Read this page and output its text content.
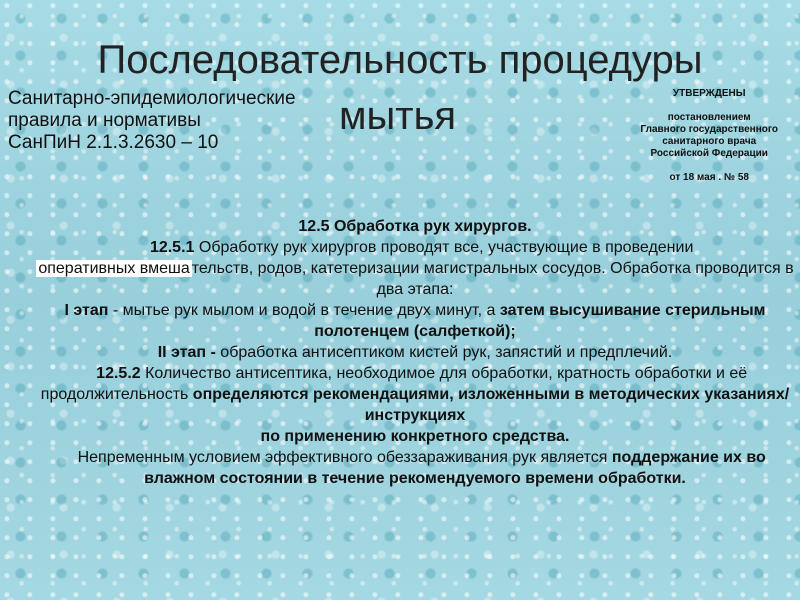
Последовательность процедуры
мытья
Санитарно-эпидемиологические
правила и нормативы
СанПиН 2.1.3.2630 – 10
УТВЕРЖДЕНЫ
постановлением
Главного государственного
санитарного врача
Российской Федерации
от 18 мая . № 58

12.5 Обработка рук хирургов.

12.5.1 Обработку рук хирургов проводят все, участвующие в проведении
оперативных вмеша тельств, родов, катетеризации магистральных сосудов. Обработка проводится в два этапа:

I этап - мытье рук мылом и водой в течение двух минут, а затем высушивание стерильным полотенцем (салфеткой);

II этап - обработка антисептиком кистей рук, запястий и предплечий.

12.5.2 Количество антисептика, необходимое для обработки, кратность обработки и её продолжительность определяются рекомендациями, изложенными в методических указаниях/инструкциях
по применению конкретного средства.

Непременным условием эффективного обеззараживания рук является поддержание их во влажном состоянии в течение рекомендуемого времени обработки.
